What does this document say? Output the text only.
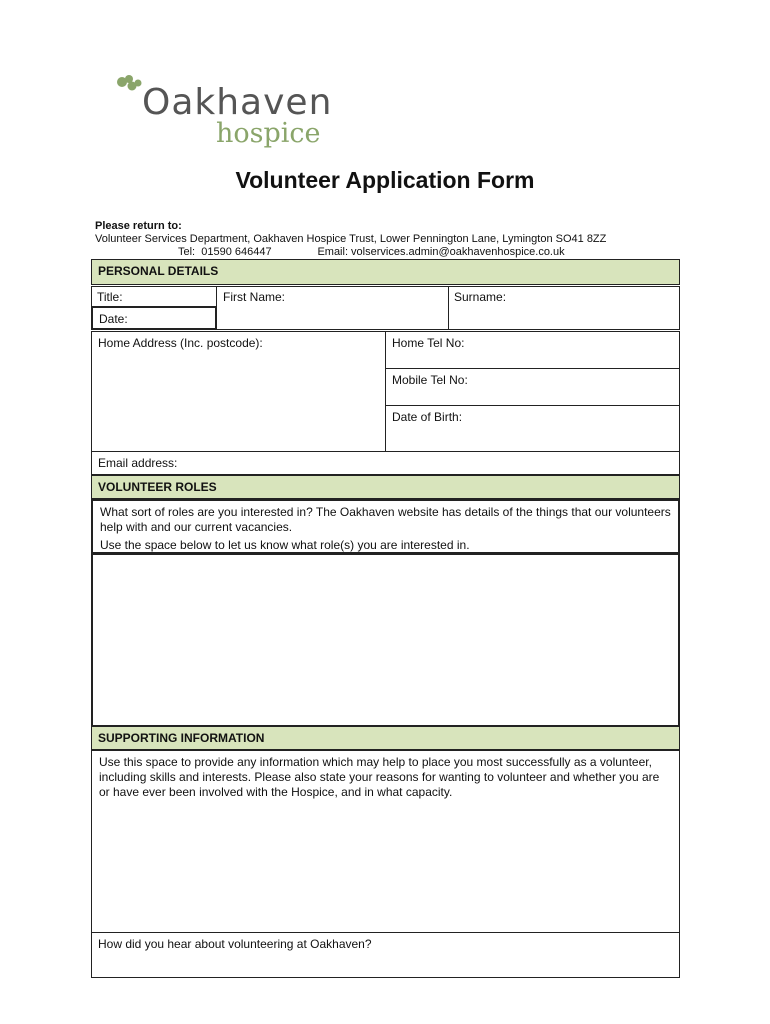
Oakhaven
hospice
Volunteer Application Form
Please return to:
Volunteer Services Department, Oakhaven Hospice Trust, Lower Pennington Lane, Lymington SO41 8ZZ
Tel:  01590 646447	Email: volservices.admin@oakhavenhospice.co.uk
PERSONAL DETAILS
Title:
Date:
First Name:	Surname:
Home Address (Inc. postcode):	Home Tel No:
Mobile Tel No:
Date of Birth:
Email address:
VOLUNTEER ROLES
What sort of roles are you interested in? The Oakhaven website has details of the things that our volunteers help with and our current vacancies.
Use the space below to let us know what role(s) you are interested in.
SUPPORTING INFORMATION
Use this space to provide any information which may help to place you most successfully as a volunteer, including skills and interests. Please also state your reasons for wanting to volunteer and whether you are or have ever been involved with the Hospice, and in what capacity.
How did you hear about volunteering at Oakhaven?
